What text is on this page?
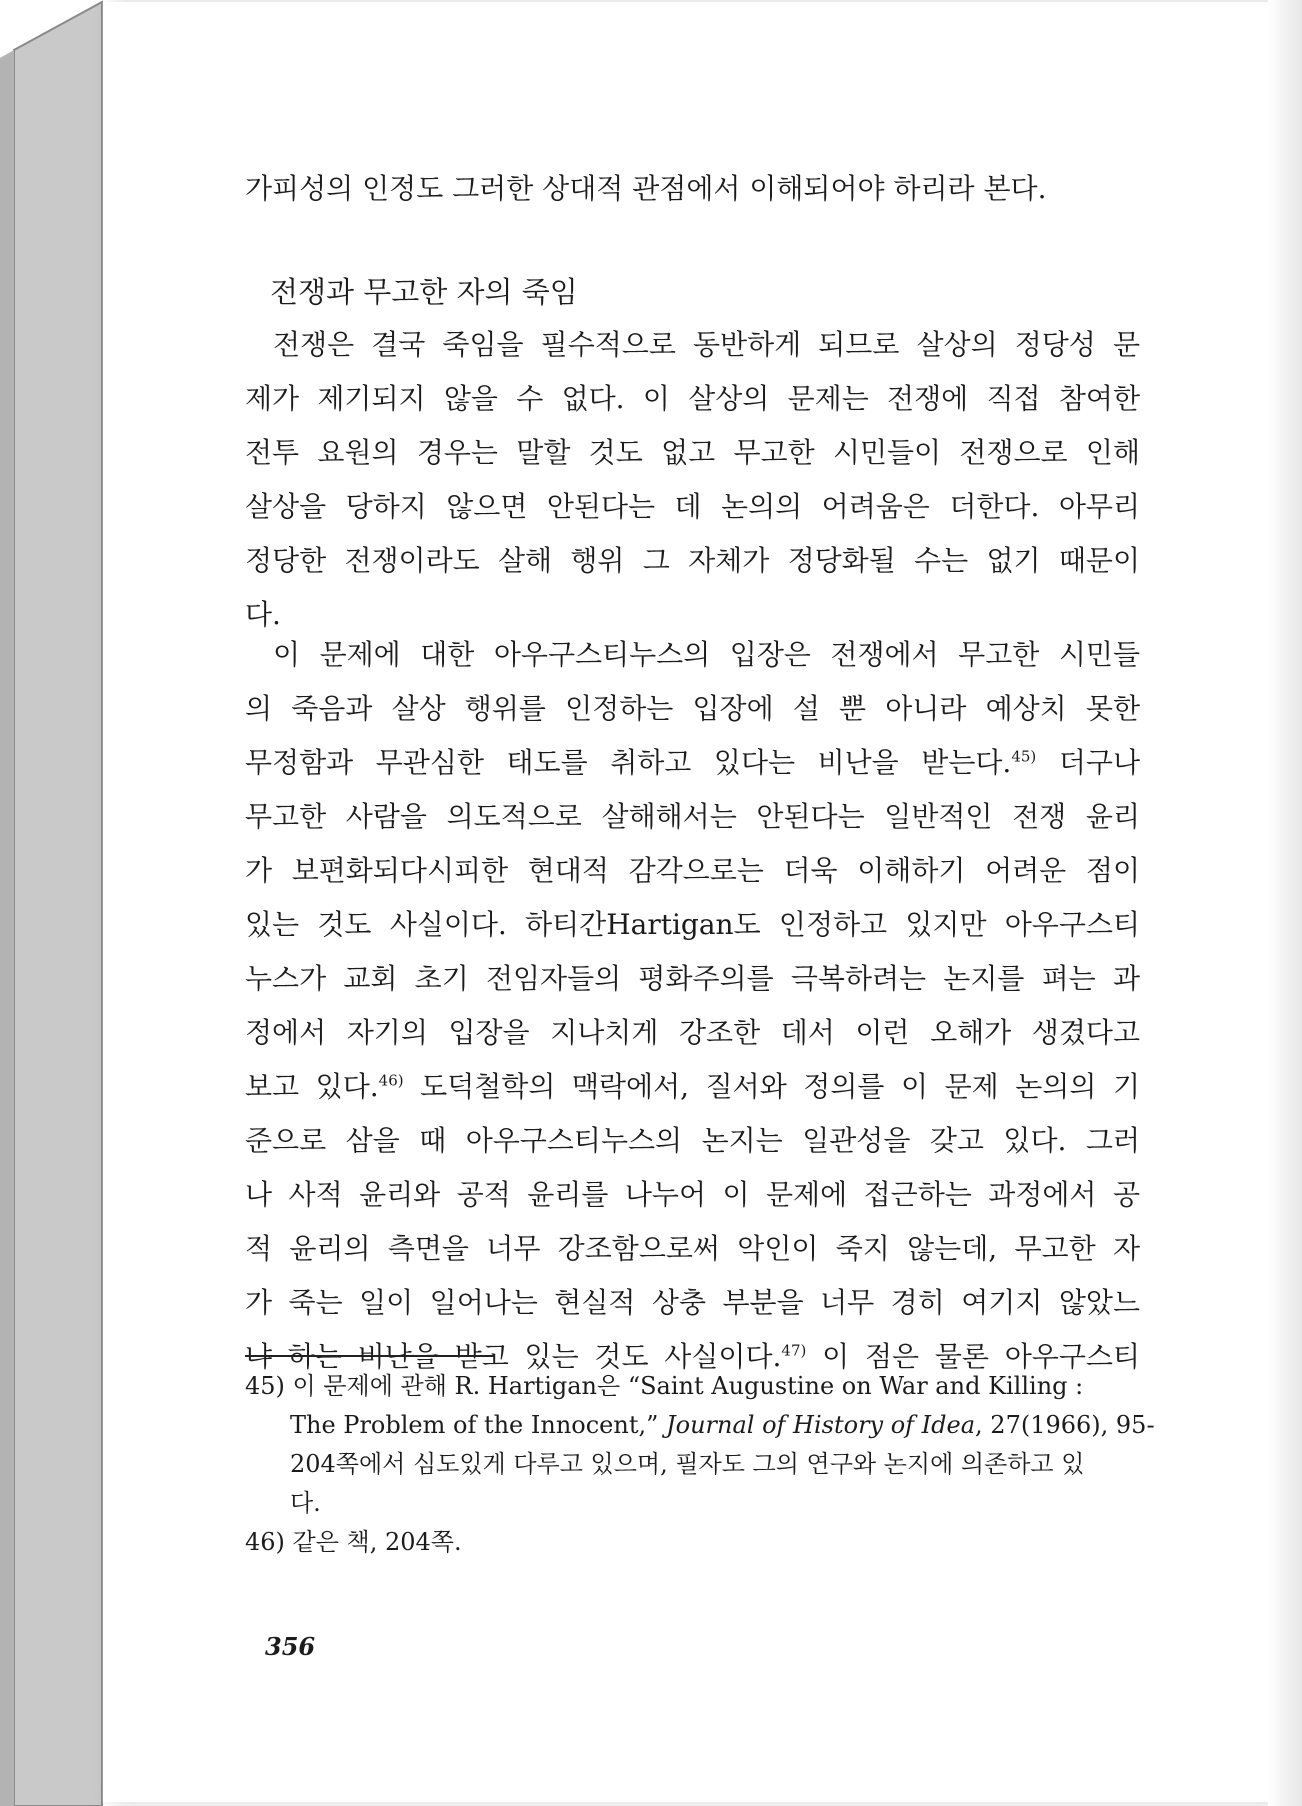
가피성의 인정도 그러한 상대적 관점에서 이해되어야 하리라 본다.
전쟁과 무고한 자의 죽임
전쟁은 결국 죽임을 필수적으로 동반하게 되므로 살상의 정당성 문
제가 제기되지 않을 수 없다. 이 살상의 문제는 전쟁에 직접 참여한
전투 요원의 경우는 말할 것도 없고 무고한 시민들이 전쟁으로 인해
살상을 당하지 않으면 안된다는 데 논의의 어려움은 더한다. 아무리
정당한 전쟁이라도 살해 행위 그 자체가 정당화될 수는 없기 때문이
다.
이 문제에 대한 아우구스티누스의 입장은 전쟁에서 무고한 시민들
의 죽음과 살상 행위를 인정하는 입장에 설 뿐 아니라 예상치 못한
무정함과 무관심한 태도를 취하고 있다는 비난을 받는다.$^{45)}$ 더구나
무고한 사람을 의도적으로 살해해서는 안된다는 일반적인 전쟁 윤리
가 보편화되다시피한 현대적 감각으로는 더욱 이해하기 어려운 점이
있는 것도 사실이다. 하티간Hartigan도 인정하고 있지만 아우구스티
누스가 교회 초기 전임자들의 평화주의를 극복하려는 논지를 펴는 과
정에서 자기의 입장을 지나치게 강조한 데서 이런 오해가 생겼다고
보고 있다.$^{46)}$ 도덕철학의 맥락에서, 질서와 정의를 이 문제 논의의 기
준으로 삼을 때 아우구스티누스의 논지는 일관성을 갖고 있다. 그러
나 사적 윤리와 공적 윤리를 나누어 이 문제에 접근하는 과정에서 공
적 윤리의 측면을 너무 강조함으로써 악인이 죽지 않는데, 무고한 자
가 죽는 일이 일어나는 현실적 상충 부분을 너무 경히 여기지 않았느
냐 하는 비난을 받고 있는 것도 사실이다.$^{47)}$ 이 점은 물론 아우구스티
45) 이 문제에 관해 R. Hartigan은 “Saint Augustine on War and Killing :
The Problem of the Innocent,” Journal of History of Idea, 27(1966), 95-
204쪽에서 심도있게 다루고 있으며, 필자도 그의 연구와 논지에 의존하고 있
다.
46) 같은 책, 204쪽.
356
